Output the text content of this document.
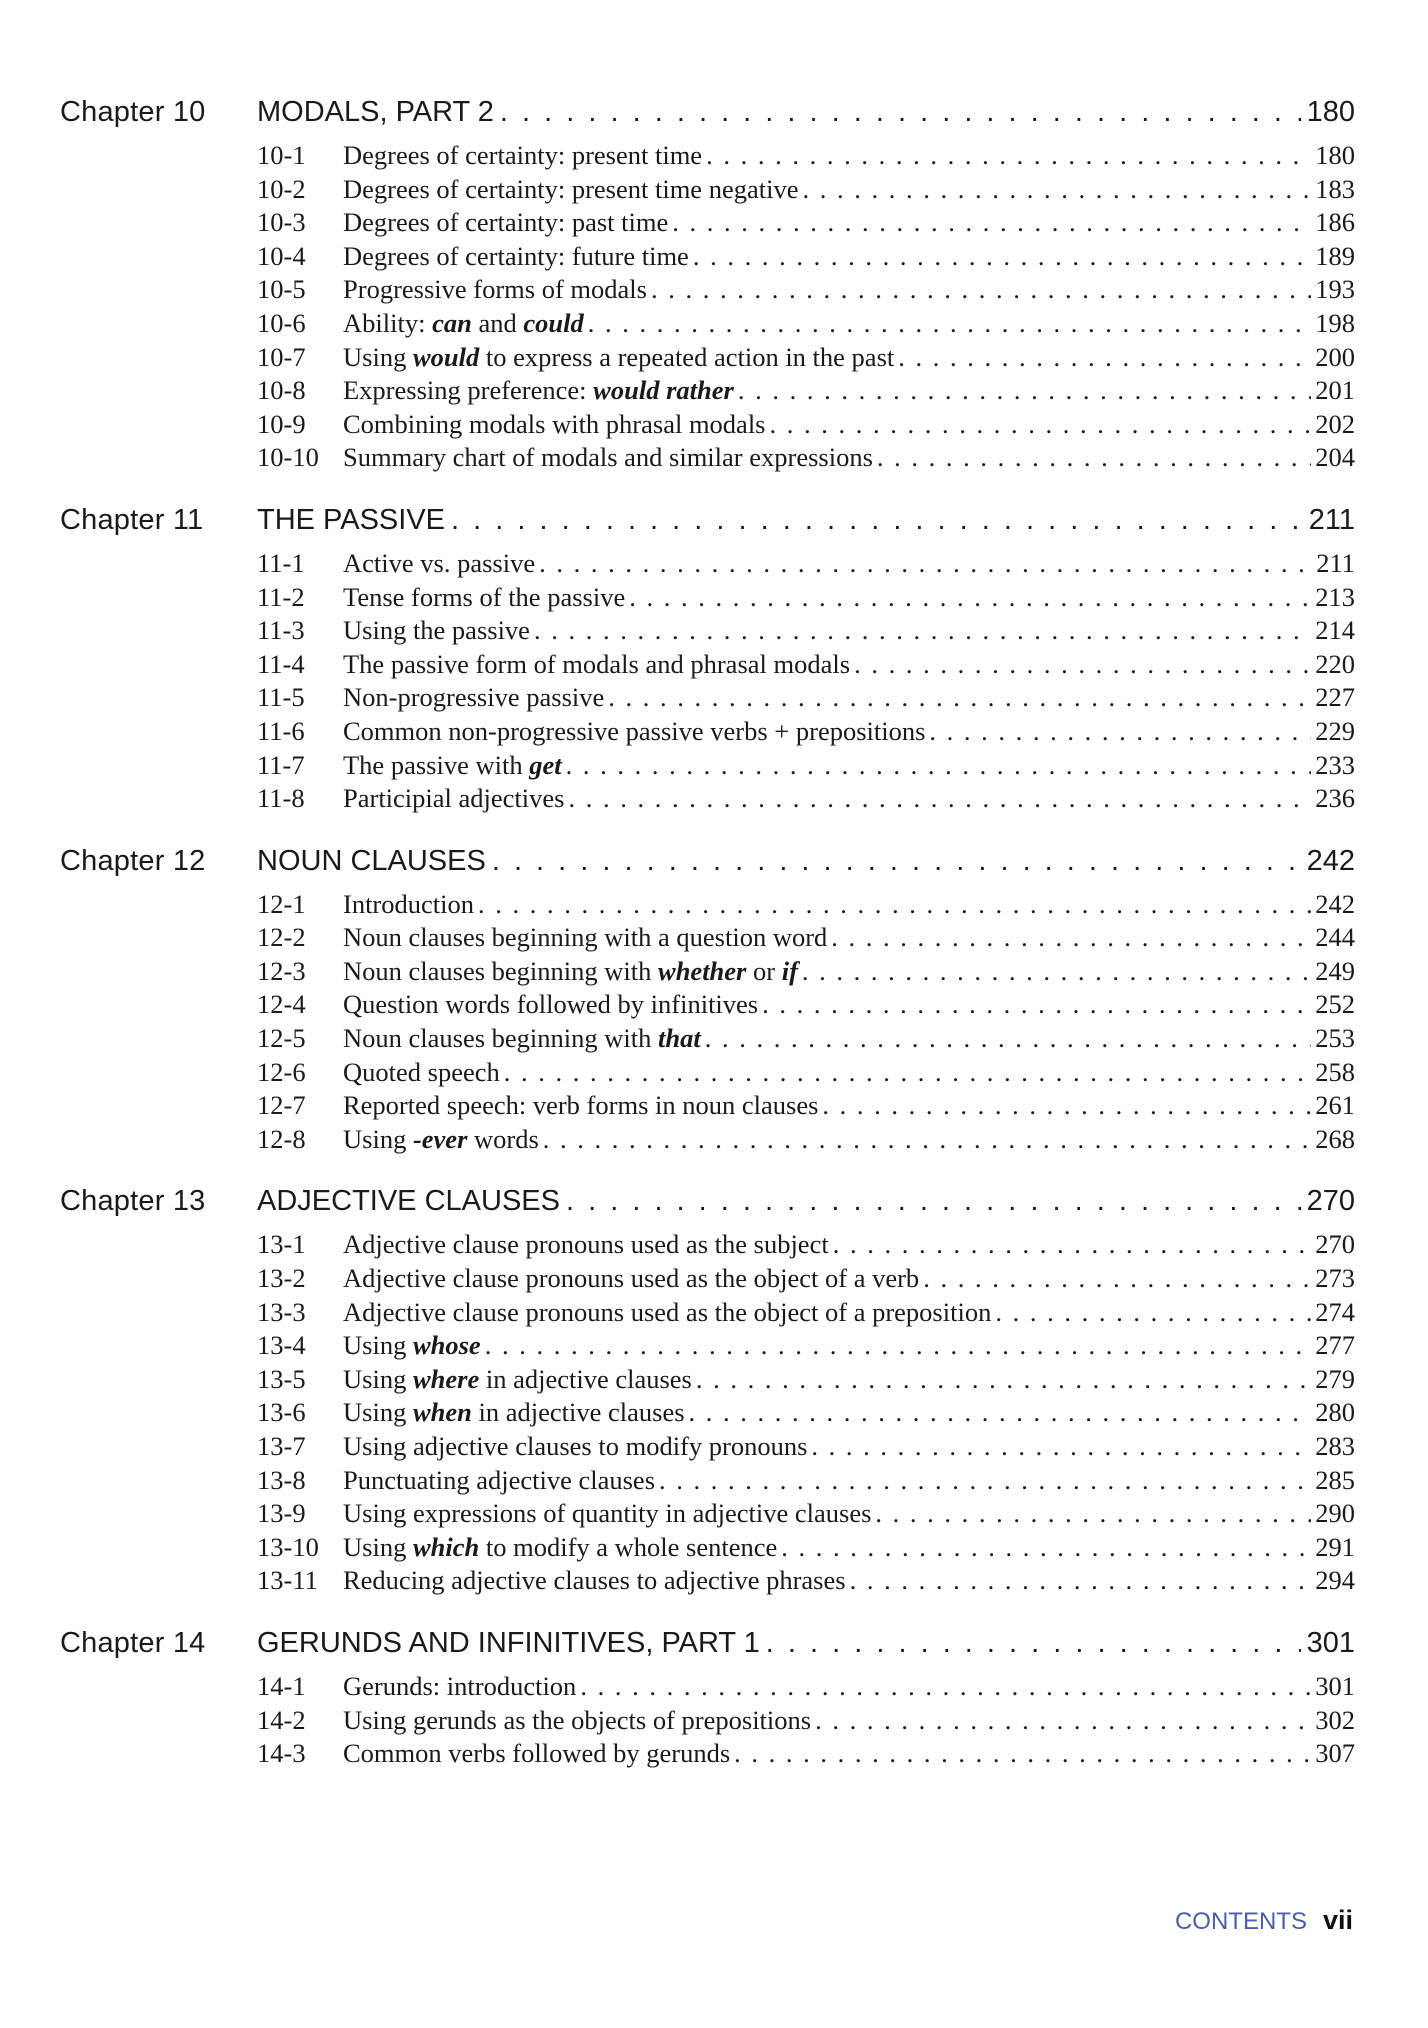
Chapter 10	MODALS, PART 2 . . .	180
10-1	Degrees of certainty: present time . . .	180
10-2	Degrees of certainty: present time negative . . .	183
10-3	Degrees of certainty: past time . . .	186
10-4	Degrees of certainty: future time . . .	189
10-5	Progressive forms of modals . . .	193
10-6	Ability: can and could . . .	198
10-7	Using would to express a repeated action in the past . . .	200
10-8	Expressing preference: would rather . . .	201
10-9	Combining modals with phrasal modals . . .	202
10-10 Summary chart of modals and similar expressions . . .	204
Chapter 11	THE PASSIVE . . .	211
11-1	Active vs. passive . . .	211
11-2	Tense forms of the passive . . .	213
11-3	Using the passive . . .	214
11-4	The passive form of modals and phrasal modals . . .	220
11-5	Non-progressive passive . . .	227
11-6	Common non-progressive passive verbs + prepositions . . .	229
11-7	The passive with get . . .	233
11-8	Participial adjectives . . .	236
Chapter 12	NOUN CLAUSES . . .	242
12-1	Introduction . . .	242
12-2	Noun clauses beginning with a question word . . .	244
12-3	Noun clauses beginning with whether or if . . .	249
12-4	Question words followed by infinitives . . .	252
12-5	Noun clauses beginning with that . . .	253
12-6	Quoted speech . . .	258
12-7	Reported speech: verb forms in noun clauses . . .	261
12-8	Using -ever words . . .	268
Chapter 13	ADJECTIVE CLAUSES . . .	270
13-1	Adjective clause pronouns used as the subject . . .	270
13-2	Adjective clause pronouns used as the object of a verb . . .	273
13-3	Adjective clause pronouns used as the object of a preposition . . .	274
13-4	Using whose . . .	277
13-5	Using where in adjective clauses . . .	279
13-6	Using when in adjective clauses . . .	280
13-7	Using adjective clauses to modify pronouns . . .	283
13-8	Punctuating adjective clauses . . .	285
13-9	Using expressions of quantity in adjective clauses . . .	290
13-10 Using which to modify a whole sentence . . .	291
13-11 Reducing adjective clauses to adjective phrases . . .	294
Chapter 14	GERUNDS AND INFINITIVES, PART 1 . . .	301
14-1	Gerunds: introduction . . .	301
14-2	Using gerunds as the objects of prepositions . . .	302
14-3	Common verbs followed by gerunds . . .	307
CONTENTS vii
